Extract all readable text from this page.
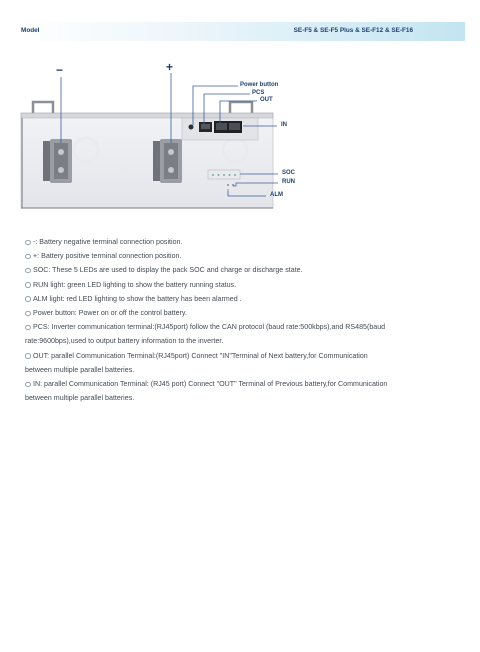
Model	SE-F5 & SE-F5 Plus & SE-F12 & SE-F16
−	+
Power button
PCS
OUT
IN
SOC
RUN
ALM
-: Battery negative terminal connection position.
+: Battery positive terminal connection position.
SOC: These 5 LEDs are used to display the pack SOC and charge or discharge state.
RUN light: green LED lighting to show the battery running status.
ALM light: red LED lighting to show the battery has been alarmed .
Power button: Power on or off the control battery.
PCS: Inverter communication terminal:(RJ45port) follow the CAN protocol (baud rate:500kbps),and RS485(baud
rate:9600bps),used to output battery information to the inverter.
OUT: parallel Communication Terminal:(RJ45port) Connect "IN"Terminal of Next battery,for Communication
between multiple parallel batteries.
IN: parallel Communication Terminal: (RJ45 port) Connect "OUT" Terminal of Previous battery,for Communication
between multiple parallel batteries.
